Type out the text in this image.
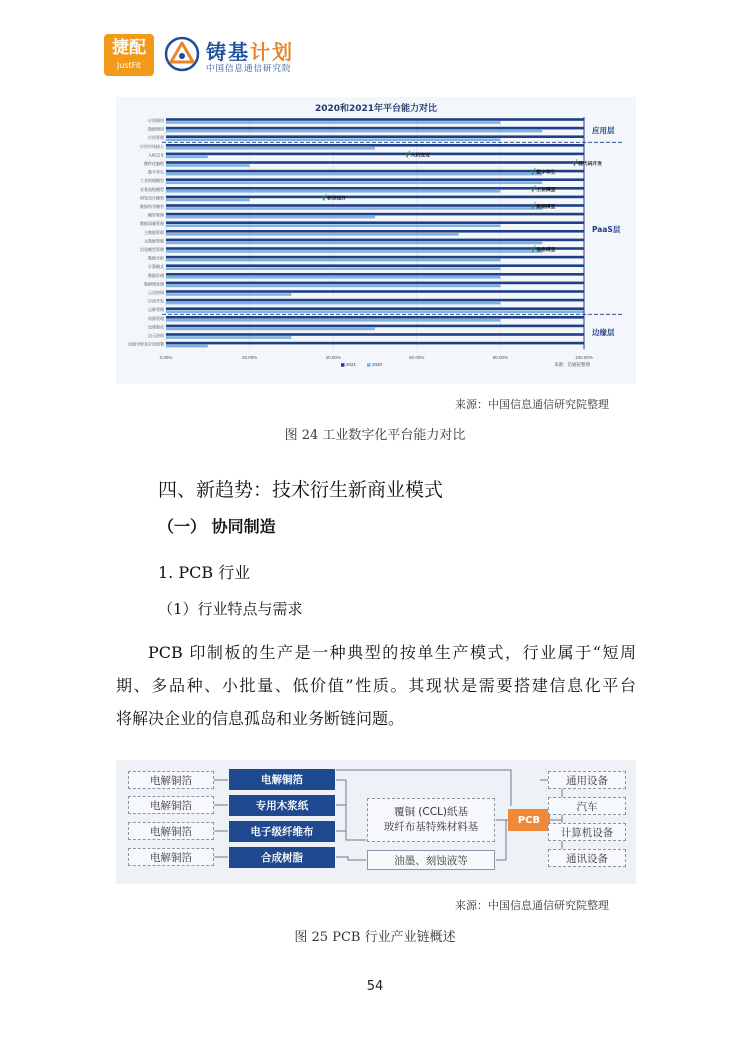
捷配
JustFit
铸基计划
中国信息通信研究院
2020和2021年平台能力对比
0.00%	20.00%	40.00%	60.00%	80.00%	100.00%
应用调用
数据调用
应用管理
应用市场接入
人机交互
微件化编程
数字孪生
工业机理模型
业务流程模型
研发设计模型
数据科学模型
模型管理
数据质量管理
主数据管理
元数据管理
信息模型管理
数据分析
计算模式
数据存储
数据预处理
云边协同
应用开发
运维管理
资源管理
边缘集成
边云协同
边缘分析及应用部署
应用层
PaaS层
边缘层
√ 人机交互
√ 低代码开发
√ 数字孪生
√ 工业模型
√ 研发设计
√ 数据模型
√ 信息模型
2021	2020	来源：信通院整理
来源：中国信息通信研究院整理
图 24 工业数字化平台能力对比
四、新趋势：技术衍生新商业模式
（一） 协同制造
1. PCB 行业
（1）行业特点与需求
PCB 印制板的生产是一种典型的按单生产模式，行业属于“短周
期、多品种、小批量、低价值”性质。其现状是需要搭建信息化平台
将解决企业的信息孤岛和业务断链问题。
电解铜箔
电解铜箔
电解铜箔
电解铜箔
电解铜箔
专用木浆纸
电子级纤维布
合成树脂
覆铜 (CCL)纸基
玻纤布基特殊材料基
油墨、刻蚀液等
PCB
通用设备
汽车
计算机设备
通讯设备
来源：中国信息通信研究院整理
图 25 PCB 行业产业链概述
54
